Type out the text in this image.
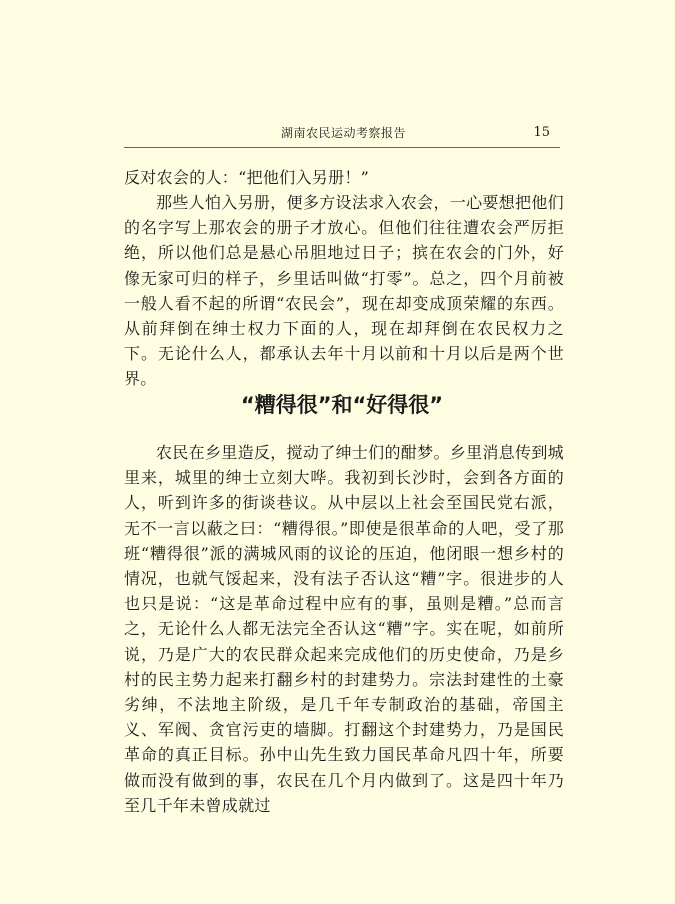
湖南农民运动考察报告	15

反对农会的人：“把他们入另册！”

那些人怕入另册，便多方设法求入农会，一心要想把他们的名字写上那农会的册子才放心。但他们往往遭农会严厉拒绝，所以他们总是悬心吊胆地过日子；摈在农会的门外，好像无家可归的样子，乡里话叫做“打零”。总之，四个月前被一般人看不起的所谓“农民会”，现在却变成顶荣耀的东西。从前拜倒在绅士权力下面的人，现在却拜倒在农民权力之下。无论什么人，都承认去年十月以前和十月以后是两个世界。

“糟得很”和“好得很”

农民在乡里造反，搅动了绅士们的酣梦。乡里消息传到城里来，城里的绅士立刻大哗。我初到长沙时，会到各方面的人，听到许多的街谈巷议。从中层以上社会至国民党右派，无不一言以蔽之曰：“糟得很。”即使是很革命的人吧，受了那班“糟得很”派的满城风雨的议论的压迫，他闭眼一想乡村的情况，也就气馁起来，没有法子否认这“糟”字。很进步的人也只是说：“这是革命过程中应有的事，虽则是糟。”总而言之，无论什么人都无法完全否认这“糟”字。实在呢，如前所说，乃是广大的农民群众起来完成他们的历史使命，乃是乡村的民主势力起来打翻乡村的封建势力。宗法封建性的土豪劣绅，不法地主阶级，是几千年专制政治的基础，帝国主义、军阀、贪官污吏的墙脚。打翻这个封建势力，乃是国民革命的真正目标。孙中山先生致力国民革命凡四十年，所要做而没有做到的事，农民在几个月内做到了。这是四十年乃至几千年未曾成就过
